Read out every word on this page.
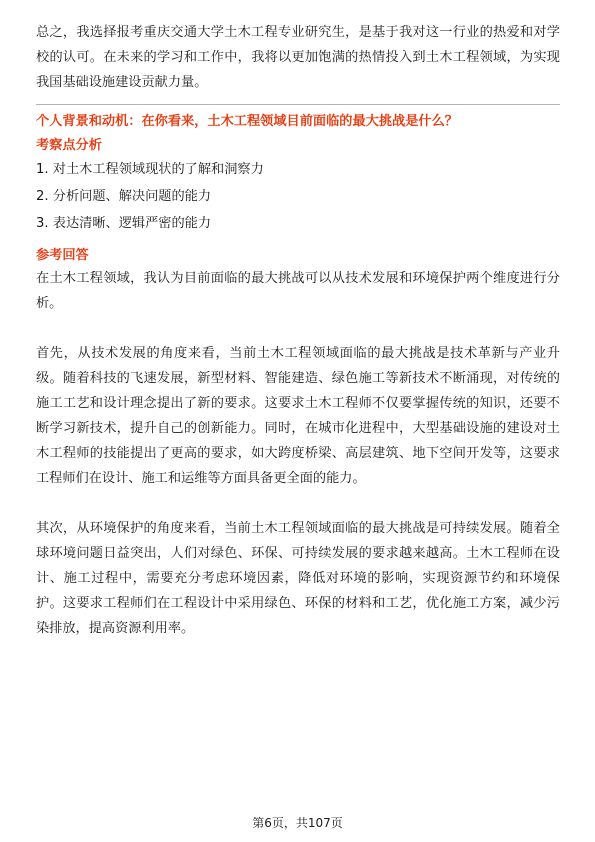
总之，我选择报考重庆交通大学土木工程专业研究生，是基于我对这一行业的热爱和对学校的认可。在未来的学习和工作中，我将以更加饱满的热情投入到土木工程领域，为实现我国基础设施建设贡献力量。

个人背景和动机：在你看来，土木工程领域目前面临的最大挑战是什么？
考察点分析
1. 对土木工程领域现状的了解和洞察力
2. 分析问题、解决问题的能力
3. 表达清晰、逻辑严密的能力
参考回答

在土木工程领域，我认为目前面临的最大挑战可以从技术发展和环境保护两个维度进行分析。

首先，从技术发展的角度来看，当前土木工程领域面临的最大挑战是技术革新与产业升级。随着科技的飞速发展，新型材料、智能建造、绿色施工等新技术不断涌现，对传统的施工工艺和设计理念提出了新的要求。这要求土木工程师不仅要掌握传统的知识，还要不断学习新技术，提升自己的创新能力。同时，在城市化进程中，大型基础设施的建设对土木工程师的技能提出了更高的要求，如大跨度桥梁、高层建筑、地下空间开发等，这要求工程师们在设计、施工和运维等方面具备更全面的能力。

其次，从环境保护的角度来看，当前土木工程领域面临的最大挑战是可持续发展。随着全球环境问题日益突出，人们对绿色、环保、可持续发展的要求越来越高。土木工程师在设计、施工过程中，需要充分考虑环境因素，降低对环境的影响，实现资源节约和环境保护。这要求工程师们在工程设计中采用绿色、环保的材料和工艺，优化施工方案，减少污染排放，提高资源利用率。

第6页，共107页
